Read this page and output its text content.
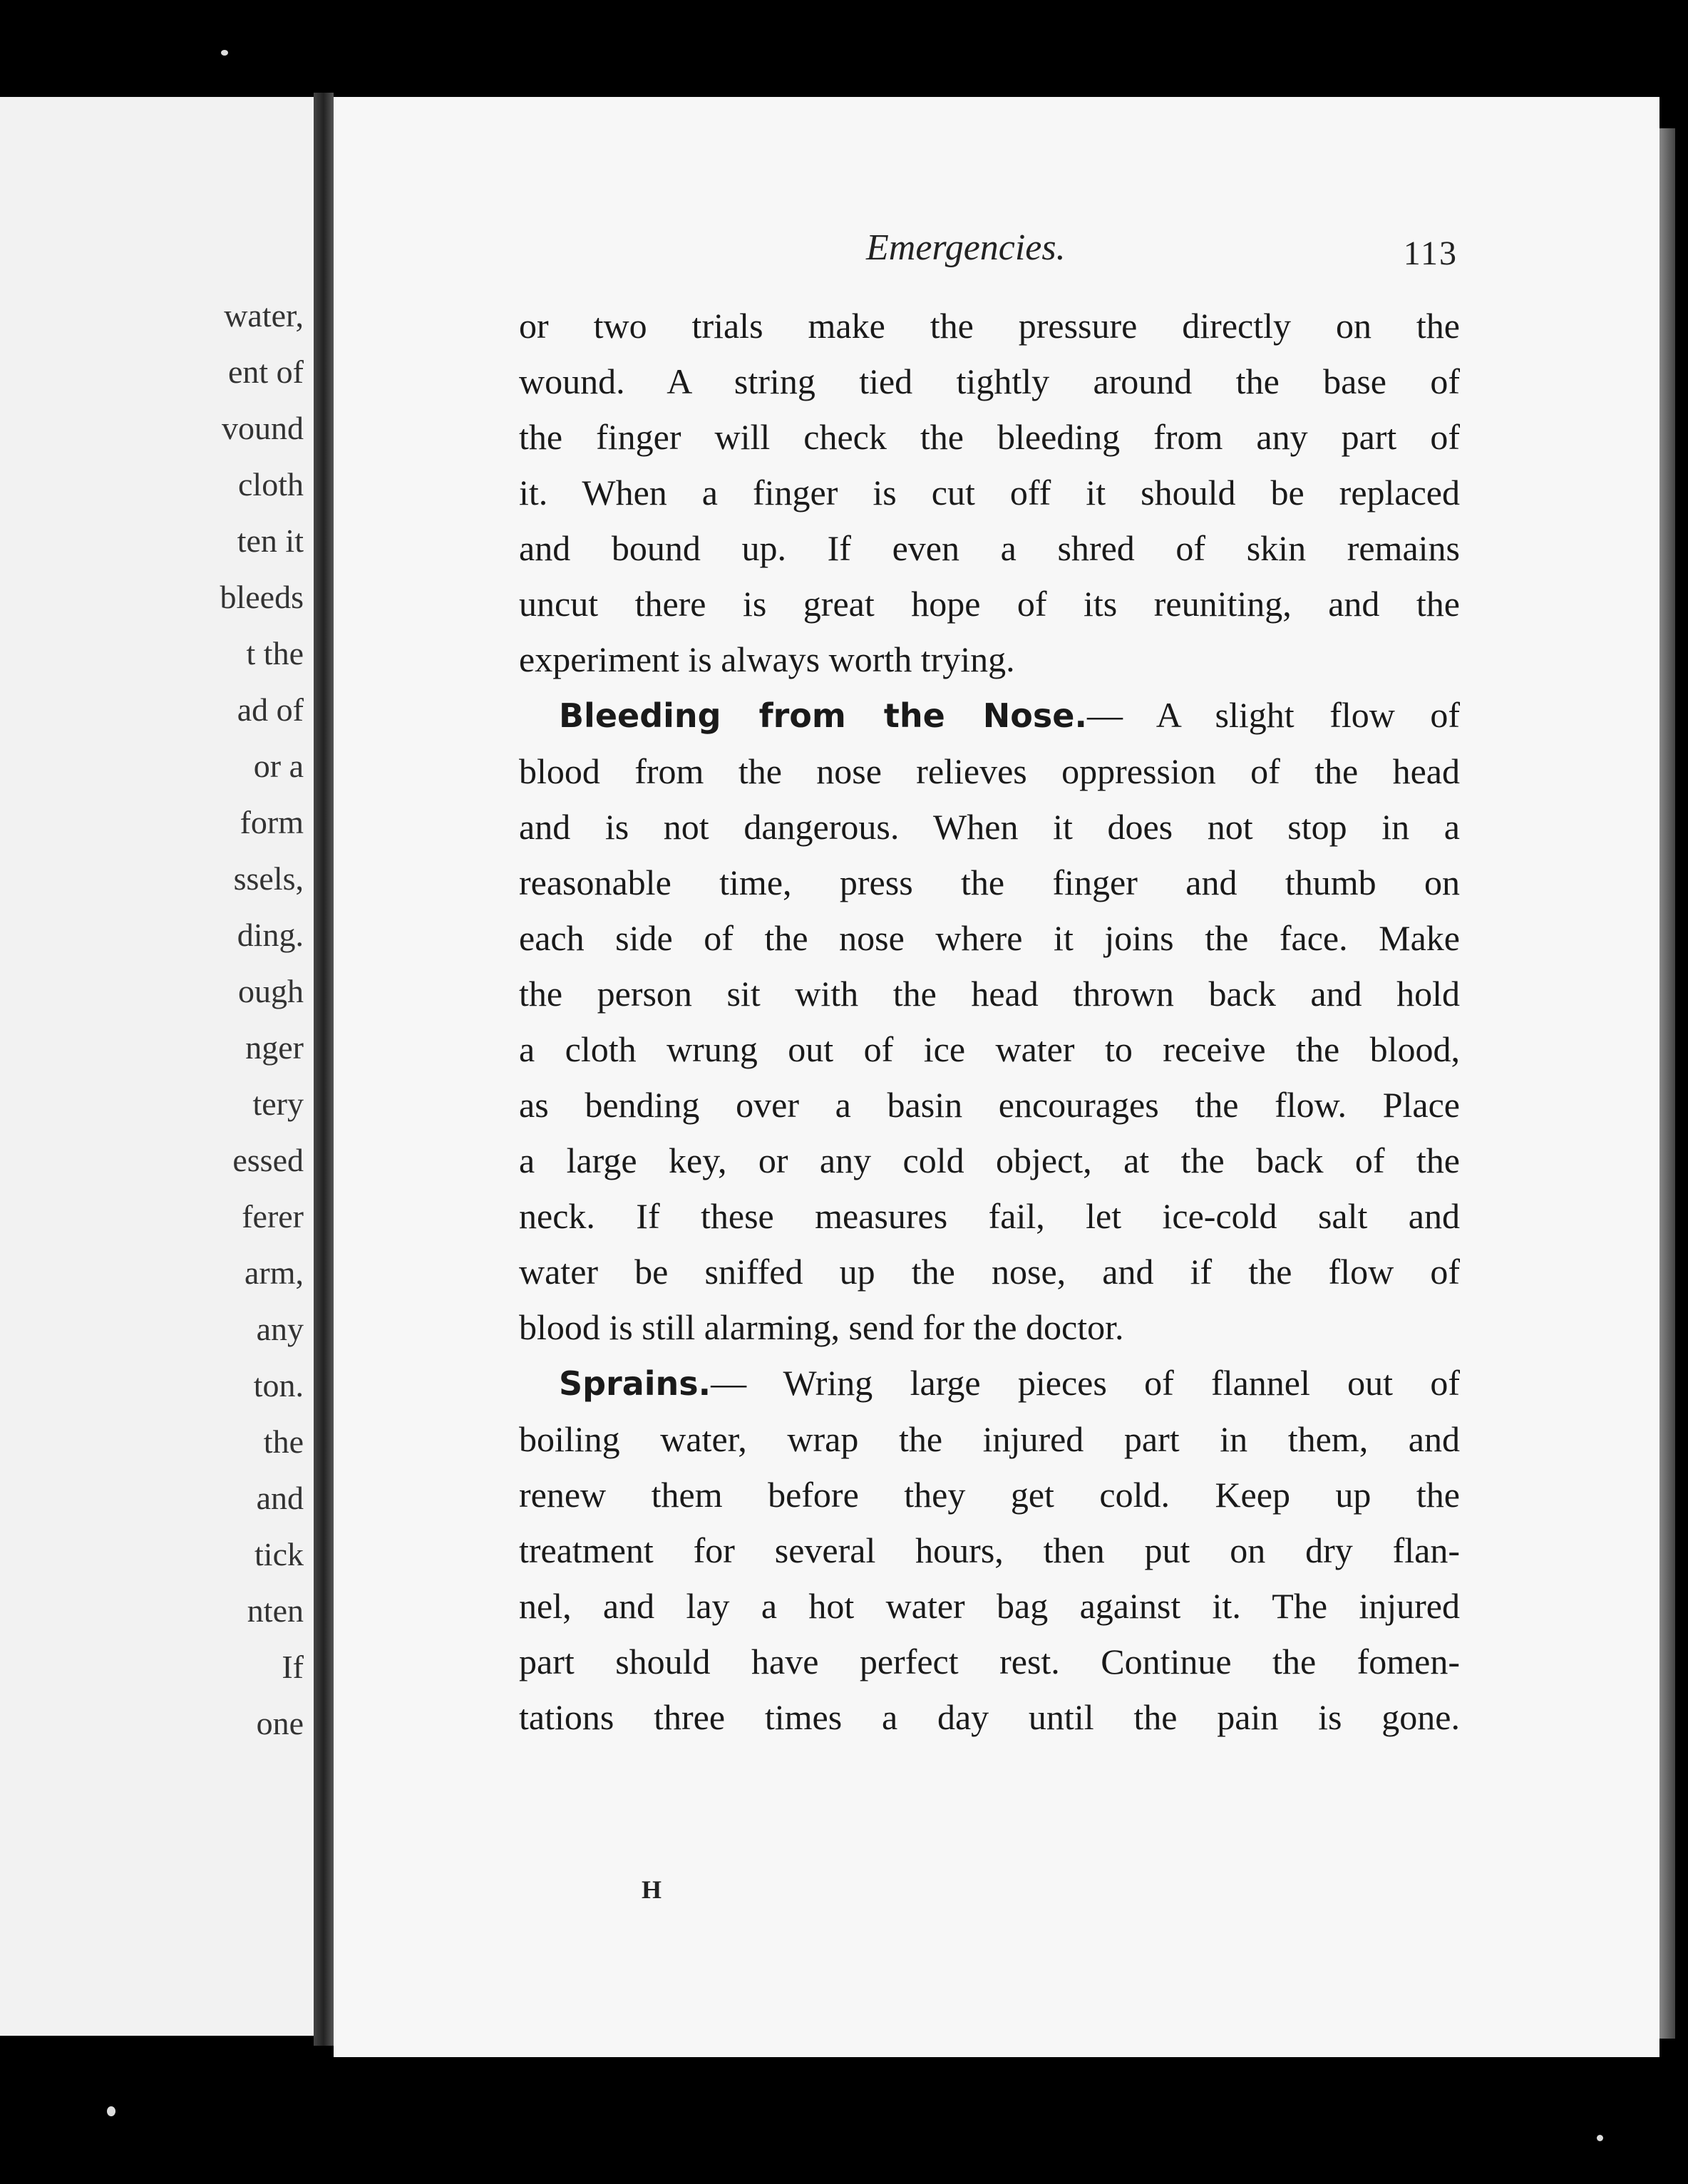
water,
ent of
vound
cloth
ten it
bleeds
t the
ad of
or a
form
ssels,
ding.
ough
nger
tery
essed
ferer
arm,
any
ton.
the
and
tick
nten
If
one
Emergencies.	113
or two trials make the pressure directly on the
wound. A string tied tightly around the base of
the finger will check the bleeding from any part of
it. When a finger is cut off it should be replaced
and bound up. If even a shred of skin remains
uncut there is great hope of its reuniting, and the
experiment is always worth trying.
Bleeding from the Nose.— A slight flow of
blood from the nose relieves oppression of the head
and is not dangerous. When it does not stop in a
reasonable time, press the finger and thumb on
each side of the nose where it joins the face. Make
the person sit with the head thrown back and hold
a cloth wrung out of ice water to receive the blood,
as bending over a basin encourages the flow. Place
a large key, or any cold object, at the back of the
neck. If these measures fail, let ice-cold salt and
water be sniffed up the nose, and if the flow of
blood is still alarming, send for the doctor.
Sprains.— Wring large pieces of flannel out of
boiling water, wrap the injured part in them, and
renew them before they get cold. Keep up the
treatment for several hours, then put on dry flan-
nel, and lay a hot water bag against it. The injured
part should have perfect rest. Continue the fomen-
tations three times a day until the pain is gone.
H
